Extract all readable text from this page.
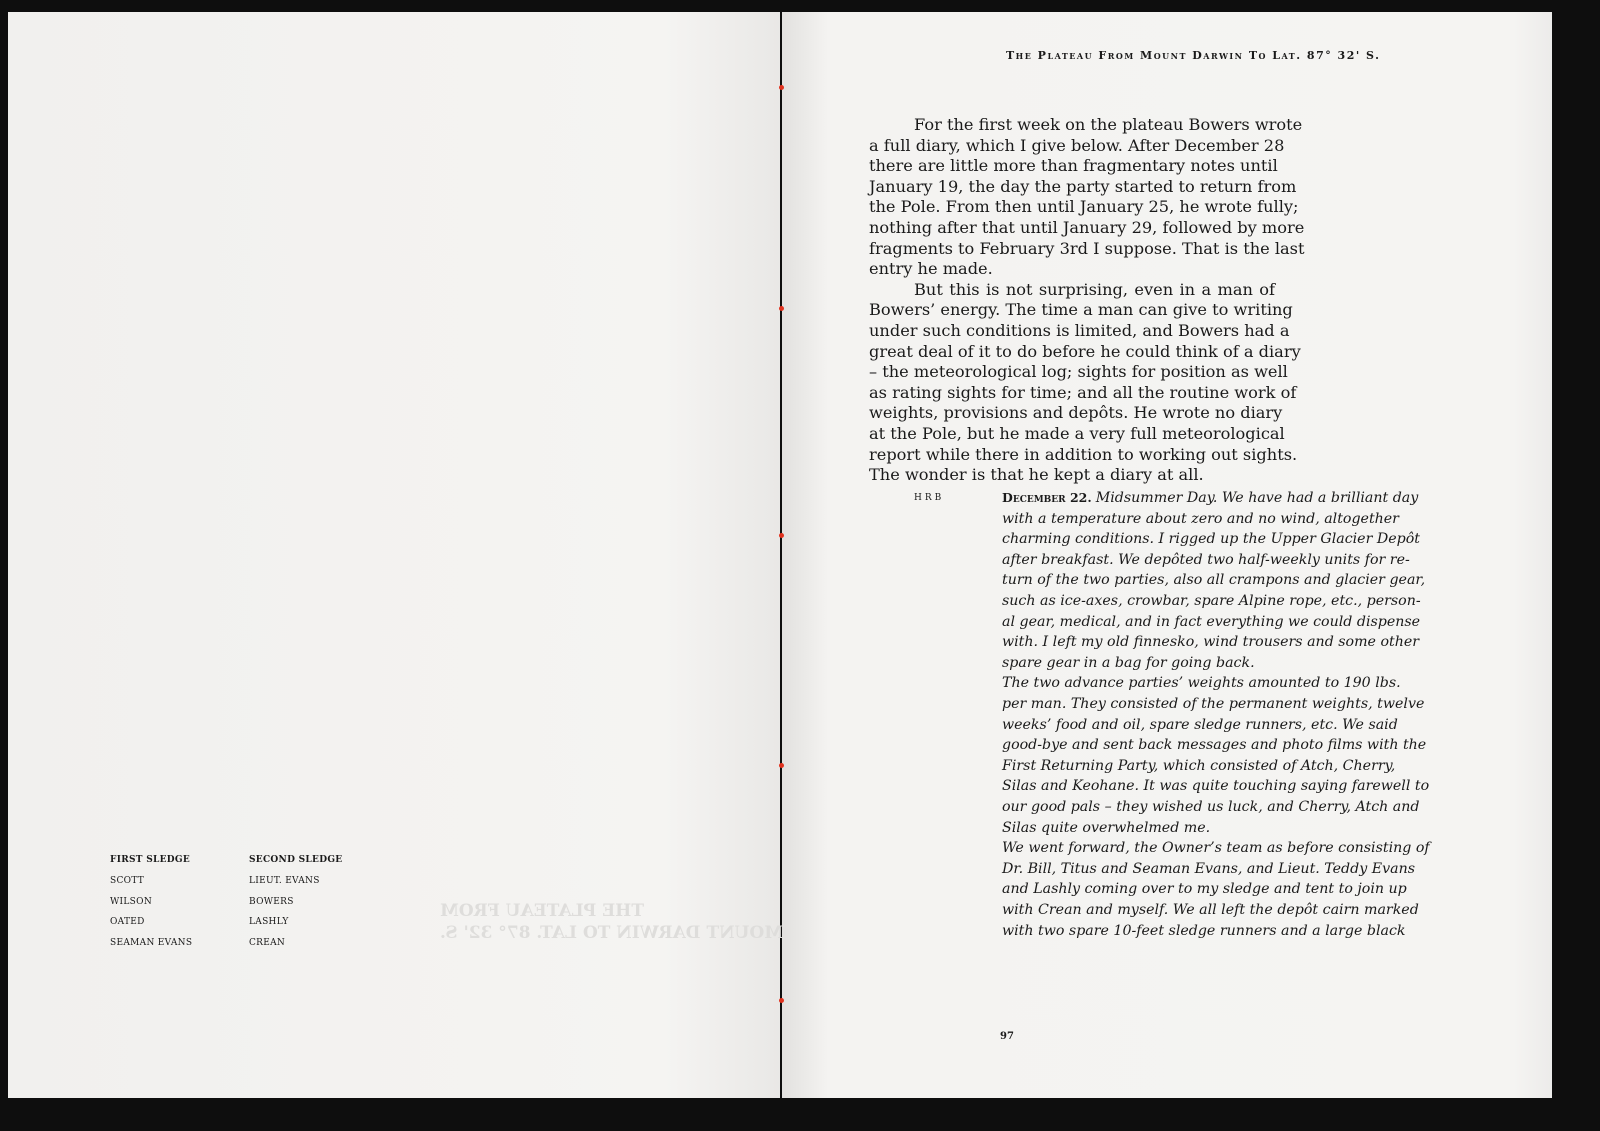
THE PLATEAU FROM
MOUNT DARWIN TO LAT. 87° 32' S.
FIRST SLEDGE
SCOTT
WILSON
OATED
SEAMAN EVANS
SECOND SLEDGE
LIEUT. EVANS
BOWERS
LASHLY
CREAN
The Plateau From Mount Darwin To Lat. 87° 32' S.
For the first week on the plateau Bowers wrote
a full diary, which I give below. After December 28
there are little more than fragmentary notes until
January 19, the day the party started to return from
the Pole. From then until January 25, he wrote fully;
nothing after that until January 29, followed by more
fragments to February 3rd I suppose. That is the last
entry he made.
But this is not surprising, even in a man of
Bowers’ energy. The time a man can give to writing
under such conditions is limited, and Bowers had a
great deal of it to do before he could think of a diary
– the meteorological log; sights for position as well
as rating sights for time; and all the routine work of
weights, provisions and depôts. He wrote no diary
at the Pole, but he made a very full meteorological
report while there in addition to working out sights.
The wonder is that he kept a diary at all.
HRB	December 22. Midsummer Day. We have had a brilliant day
with a temperature about zero and no wind, altogether
charming conditions. I rigged up the Upper Glacier Depôt
after breakfast. We depôted two half-weekly units for re-
turn of the two parties, also all crampons and glacier gear,
such as ice-axes, crowbar, spare Alpine rope, etc., person-
al gear, medical, and in fact everything we could dispense
with. I left my old finnesko, wind trousers and some other
spare gear in a bag for going back.
The two advance parties’ weights amounted to 190 lbs.
per man. They consisted of the permanent weights, twelve
weeks’ food and oil, spare sledge runners, etc. We said
good-bye and sent back messages and photo films with the
First Returning Party, which consisted of Atch, Cherry,
Silas and Keohane. It was quite touching saying farewell to
our good pals – they wished us luck, and Cherry, Atch and
Silas quite overwhelmed me.
We went forward, the Owner’s team as before consisting of
Dr. Bill, Titus and Seaman Evans, and Lieut. Teddy Evans
and Lashly coming over to my sledge and tent to join up
with Crean and myself. We all left the depôt cairn marked
with two spare 10-feet sledge runners and a large black
97
